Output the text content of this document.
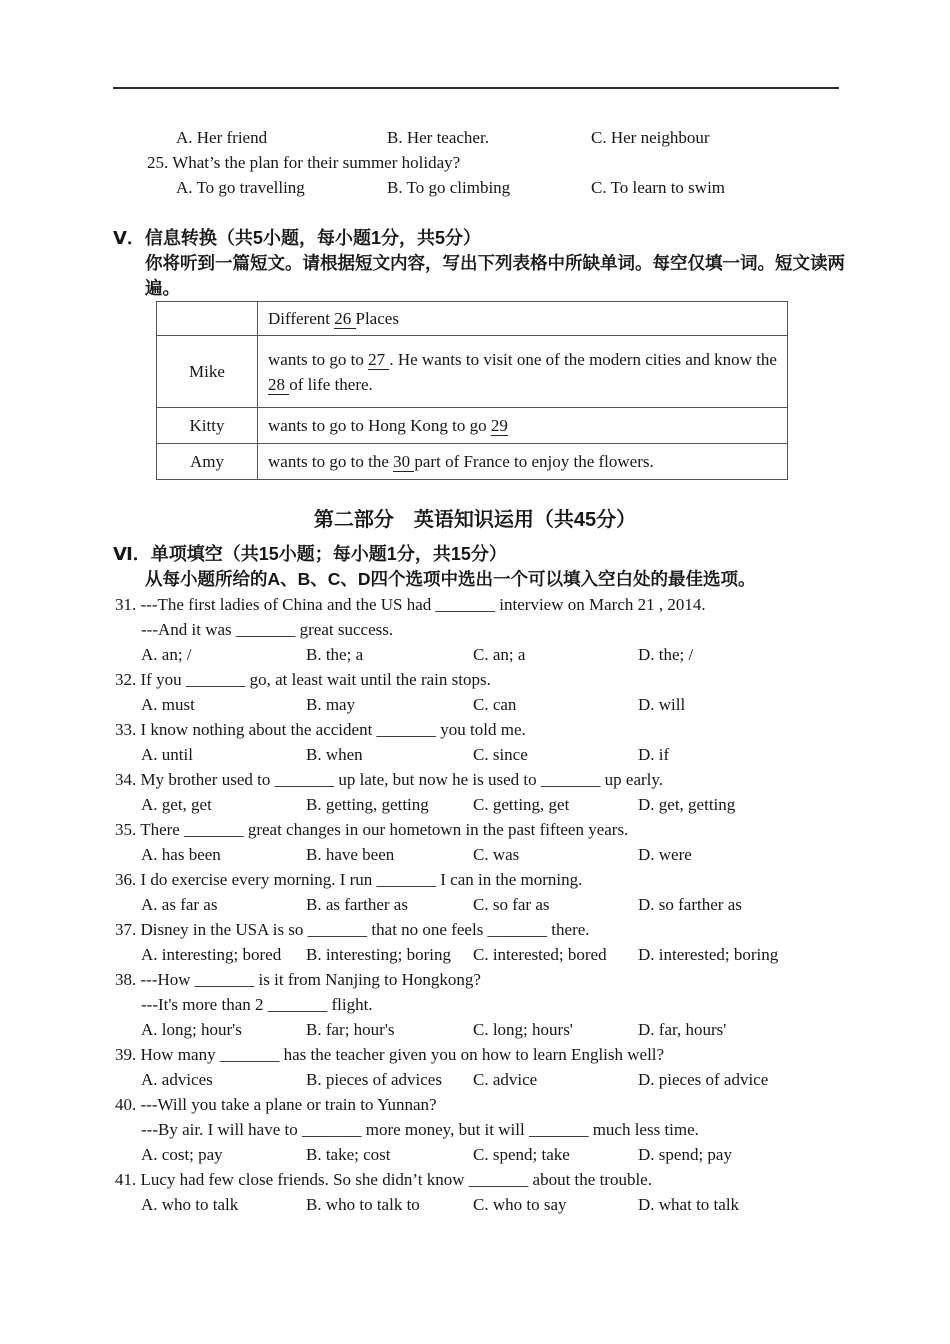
A. Her friend	B. Her teacher.	C. Her neighbour
25. What’s the plan for their summer holiday?
A. To go travelling	B. To go climbing	C. To learn to swim
Ⅴ．信息转换（共5小题，每小题1分，共5分）
你将听到一篇短文。请根据短文内容，写出下列表格中所缺单词。每空仅填一词。短文读两
遍。
	Different 26 Places
Mike	wants to go to 27 . He wants to visit one of the modern cities and know the 28 of life there.
Kitty	wants to go to Hong Kong to go 29
Amy	wants to go to the 30 part of France to enjoy the flowers.
第二部分　英语知识运用（共45分）
Ⅵ．单项填空（共15小题；每小题1分，共15分）
从每小题所给的A、B、C、D四个选项中选出一个可以填入空白处的最佳选项。
31. ---The first ladies of China and the US had _______ interview on March 21 , 2014.
---And it was _______ great success.
A. an; /	B. the; a	C. an; a	D. the; /
32. If you _______ go, at least wait until the rain stops.
A. must	B. may	C. can	D. will
33. I know nothing about the accident _______ you told me.
A. until	B. when	C. since	D. if
34. My brother used to _______ up late, but now he is used to _______ up early.
A. get, get	B. getting, getting	C. getting, get	D. get, getting
35. There _______ great changes in our hometown in the past fifteen years.
A. has been	B. have been	C. was	D. were
36. I do exercise every morning. I run _______ I can in the morning.
A. as far as	B. as farther as	C. so far as	D. so farther as
37. Disney in the USA is so _______ that no one feels _______ there.
A. interesting; bored	B. interesting; boring	C. interested; bored	D. interested; boring
38. ---How _______ is it from Nanjing to Hongkong?
---It's more than 2 _______ flight.
A. long; hour's	B. far; hour's	C. long; hours'	D. far, hours'
39. How many _______ has the teacher given you on how to learn English well?
A. advices	B. pieces of advices	C. advice	D. pieces of advice
40. ---Will you take a plane or train to Yunnan?
---By air. I will have to _______ more money, but it will _______ much less time.
A. cost; pay	B. take; cost	C. spend; take	D. spend; pay
41. Lucy had few close friends. So she didn’t know _______ about the trouble.
A. who to talk	B. who to talk to	C. who to say	D. what to talk
